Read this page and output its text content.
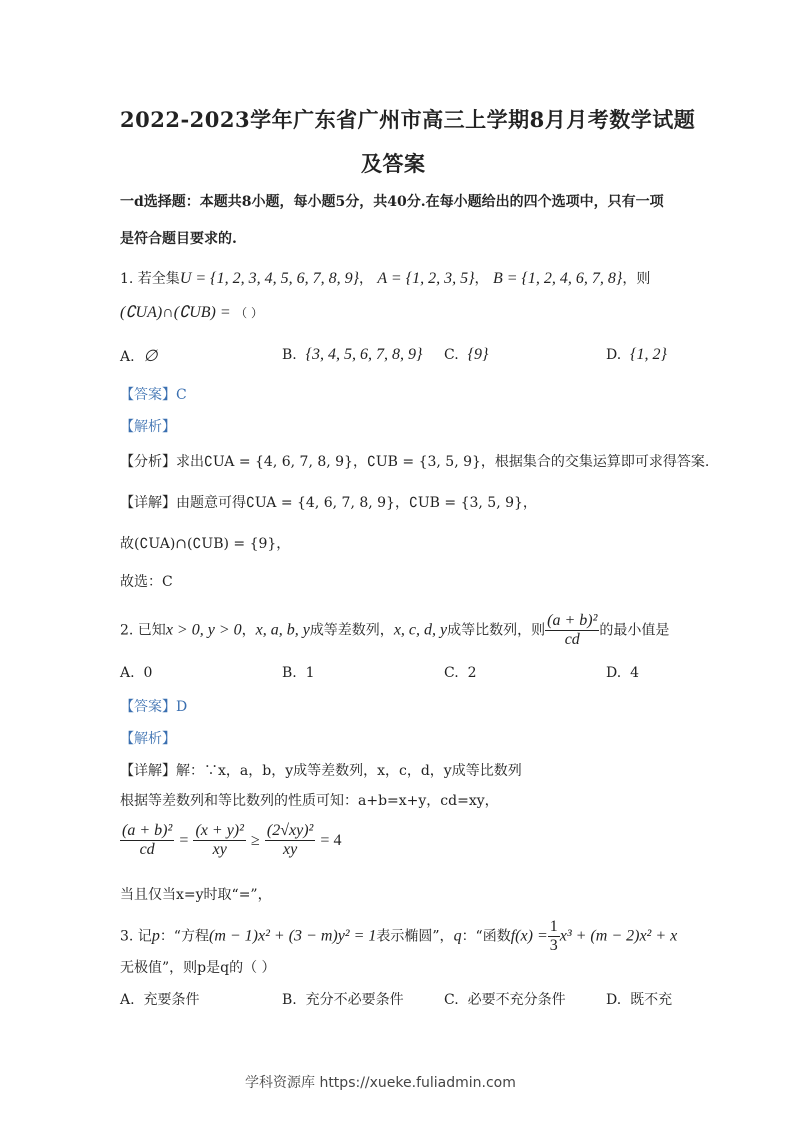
2022-2023学年广东省广州市高三上学期8月月考数学试题
及答案
一d选择题：本题共8小题，每小题5分，共40分.在每小题给出的四个选项中，只有一项
是符合题目要求的.
1. 若全集U = {1, 2, 3, 4, 5, 6, 7, 8, 9}， A = {1, 2, 3, 5}， B = {1, 2, 4, 6, 7, 8}，则
(∁UA)∩(∁UB) = （ ）
A. ∅	B. {3, 4, 5, 6, 7, 8, 9} C. {9}	D. {1, 2}
【答案】C
【解析】
【分析】求出∁UA = {4, 6, 7, 8, 9}，∁UB = {3, 5, 9}，根据集合的交集运算即可求得答案.
【详解】由题意可得∁UA = {4, 6, 7, 8, 9}，∁UB = {3, 5, 9}，
故(∁UA)∩(∁UB) = {9}，
故选：C
2. 已知x > 0, y > 0，x, a, b, y成等差数列，x, c, d, y成等比数列，则 $\frac{\text{(a + b)²}}{cd}$ 的最小值是
A. 0	B. 1	C. 2	D. 4
【答案】D
【解析】
【详解】解：∵x，a，b，y成等差数列，x，c，d，y成等比数列
根据等差数列和等比数列的性质可知：a+b=x+y，cd=xy，
$\frac{\text{(a + b)²}}{cd} = \frac{\text{(x + y)²}}{xy} \ge \frac{\text{(2√xy)²}}{xy} = 4$
当且仅当x=y时取“=”，
3. 记p：“方程(m − 1)x² + (3 − m)y² = 1表示椭圆”，q：“函数$f(x) = \frac{1}{3} x^3 + (m - 2)x^2 + x$
无极值”，则p是q的（ ）
A. 充要条件	B. 充分不必要条件	C. 必要不充分条件	D. 既不充
学科资源库 https://xueke.fuliadmin.com
